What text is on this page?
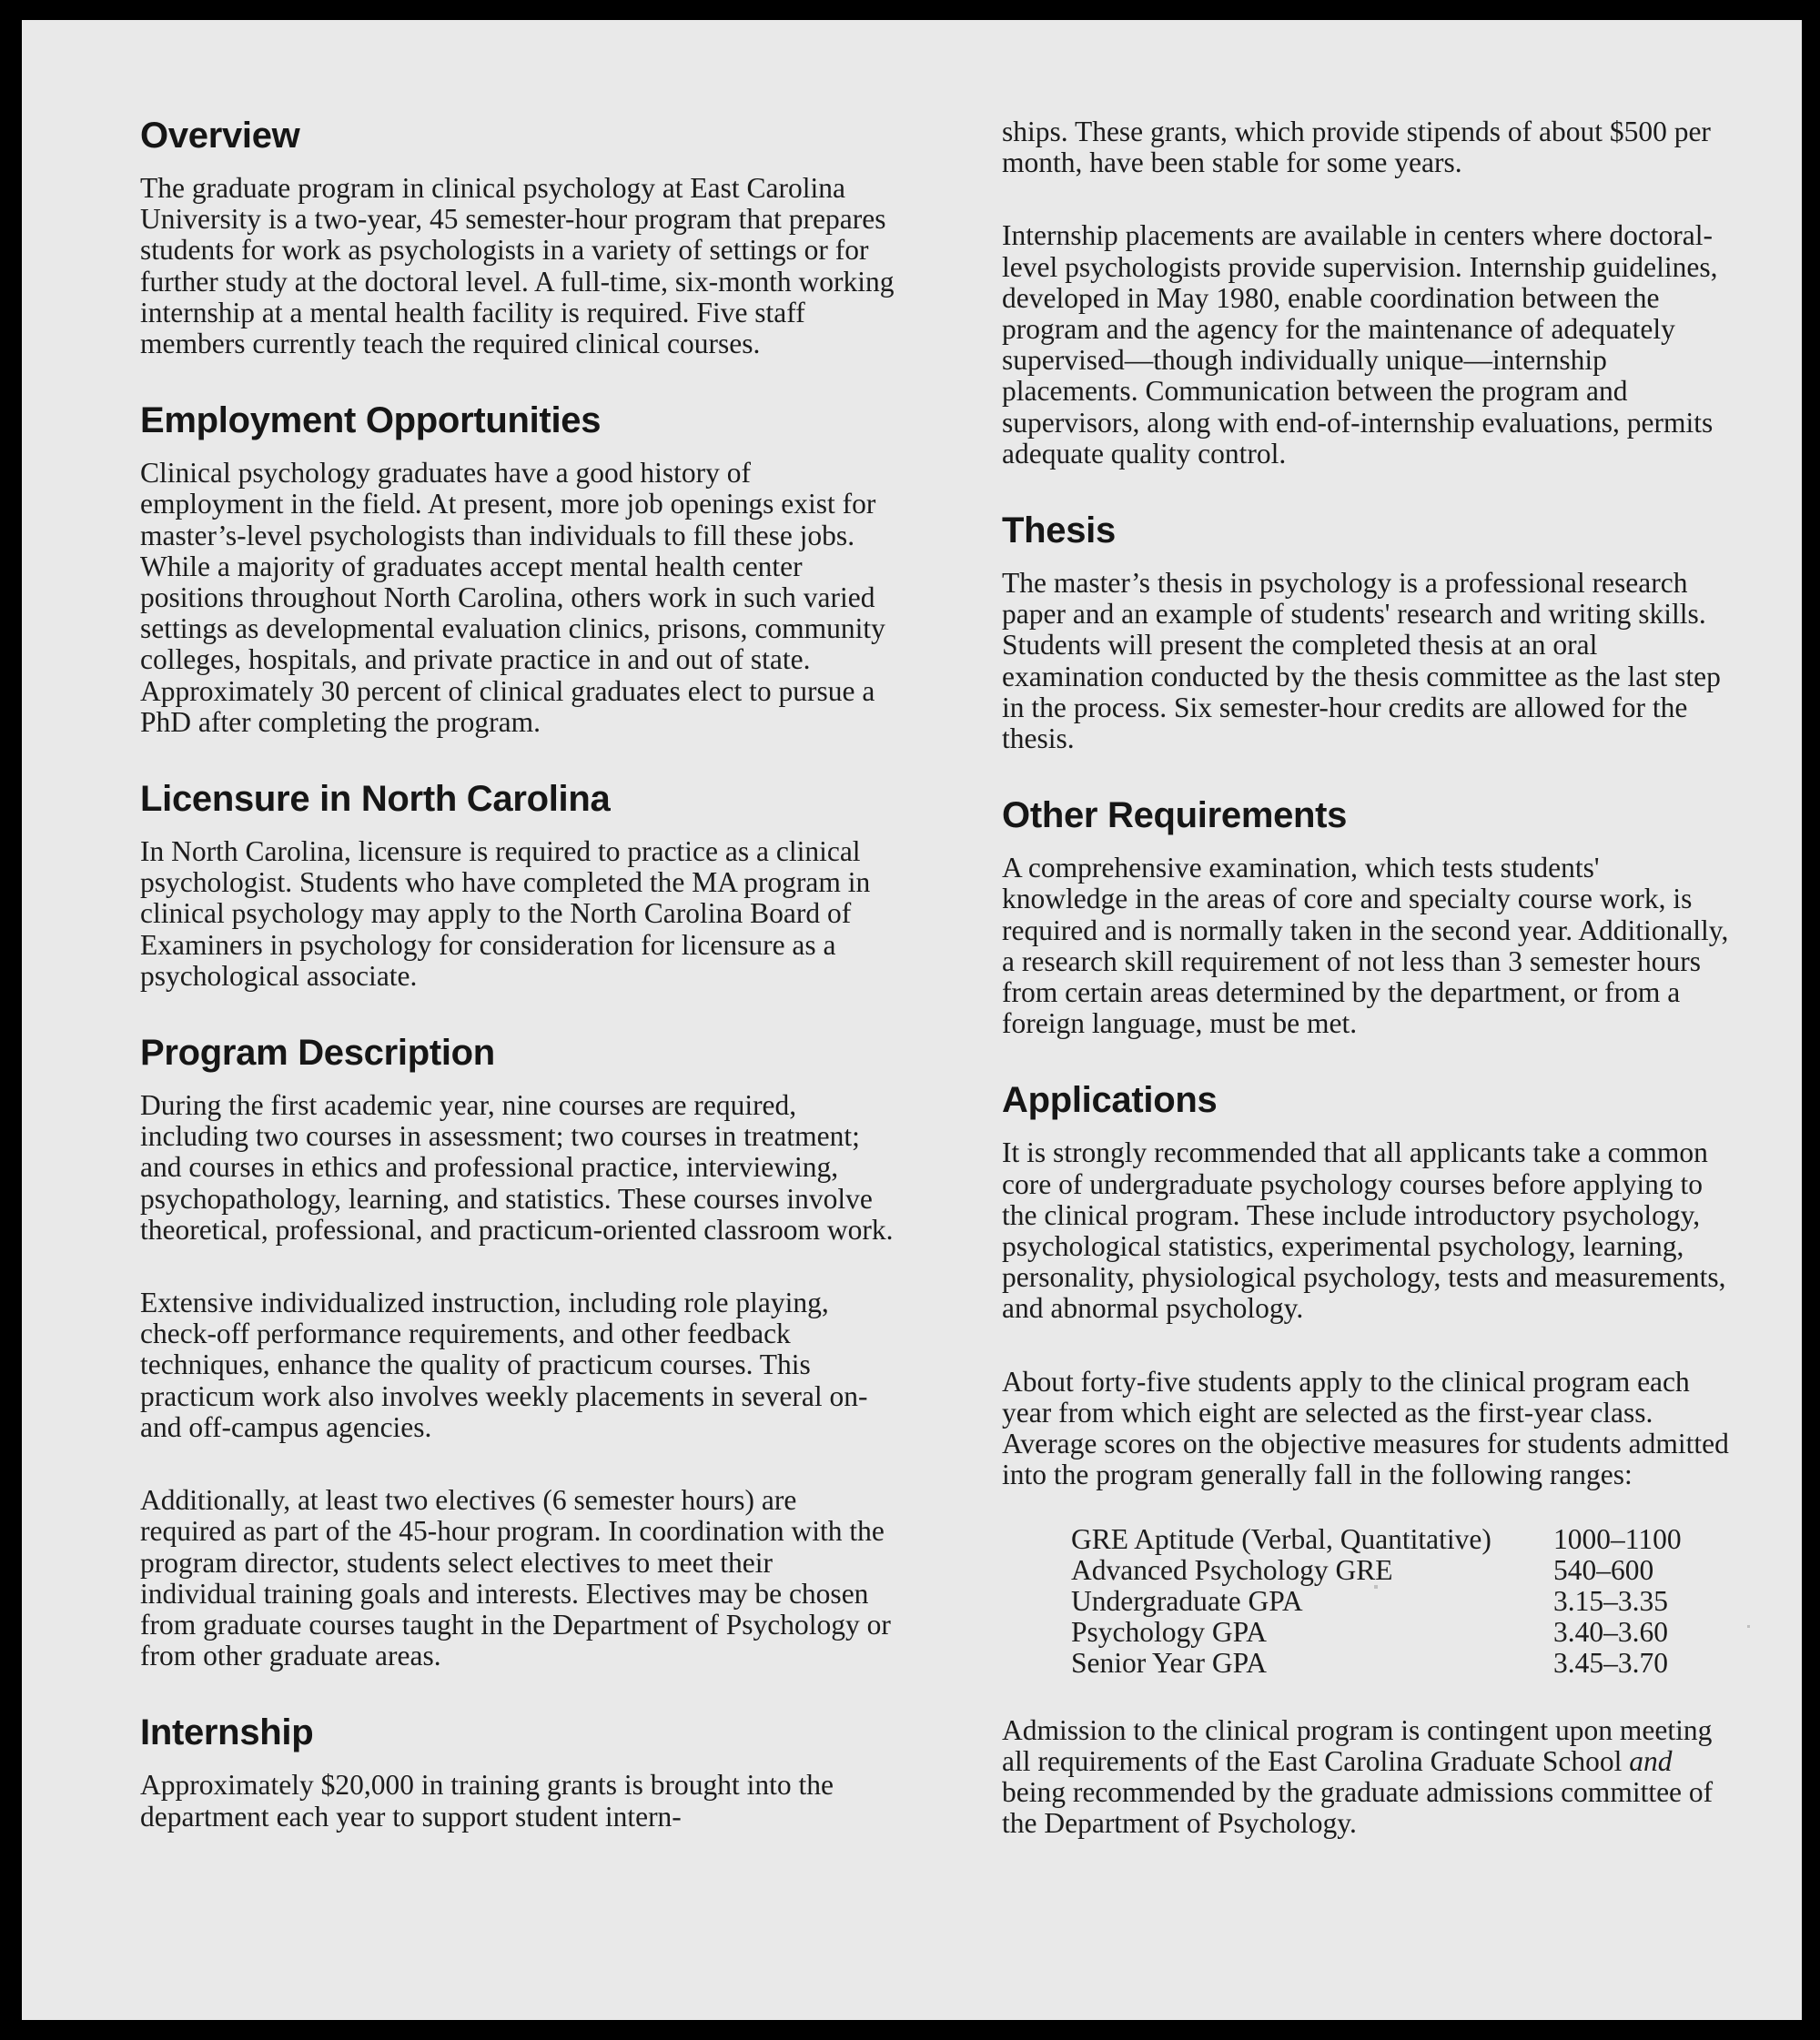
Overview

The graduate program in clinical psychology at East Carolina University is a two-year, 45 semester-hour program that prepares students for work as psychologists in a variety of settings or for further study at the doctoral level. A full-time, six-month working internship at a mental health facility is required. Five staff members currently teach the required clinical courses.

Employment Opportunities

Clinical psychology graduates have a good history of employment in the field. At present, more job openings exist for master’s-level psychologists than individuals to fill these jobs. While a majority of graduates accept mental health center positions throughout North Carolina, others work in such varied settings as developmental evaluation clinics, prisons, community colleges, hospitals, and private practice in and out of state. Approximately 30 percent of clinical graduates elect to pursue a PhD after completing the program.

Licensure in North Carolina

In North Carolina, licensure is required to practice as a clinical psychologist. Students who have completed the MA program in clinical psychology may apply to the North Carolina Board of Examiners in psychology for consideration for licensure as a psychological associate.

Program Description

During the first academic year, nine courses are required, including two courses in assessment; two courses in treatment; and courses in ethics and professional practice, interviewing, psychopathology, learning, and statistics. These courses involve theoretical, professional, and practicum-oriented classroom work.

Extensive individualized instruction, including role playing, check-off performance requirements, and other feedback techniques, enhance the quality of practicum courses. This practicum work also involves weekly placements in several on- and off-campus agencies.

Additionally, at least two electives (6 semester hours) are required as part of the 45-hour program. In coordination with the program director, students select electives to meet their individual training goals and interests. Electives may be chosen from graduate courses taught in the Department of Psychology or from other graduate areas.

Internship

Approximately $20,000 in training grants is brought into the department each year to support student intern-

ships. These grants, which provide stipends of about $500 per month, have been stable for some years.

Internship placements are available in centers where doctoral-level psychologists provide supervision. Internship guidelines, developed in May 1980, enable coordination between the program and the agency for the maintenance of adequately supervised—though individually unique—internship placements. Communication between the program and supervisors, along with end-of-internship evaluations, permits adequate quality control.

Thesis

The master’s thesis in psychology is a professional research paper and an example of students' research and writing skills. Students will present the completed thesis at an oral examination conducted by the thesis committee as the last step in the process. Six semester-hour credits are allowed for the thesis.

Other Requirements

A comprehensive examination, which tests students' knowledge in the areas of core and specialty course work, is required and is normally taken in the second year. Additionally, a research skill requirement of not less than 3 semester hours from certain areas determined by the department, or from a foreign language, must be met.

Applications

It is strongly recommended that all applicants take a common core of undergraduate psychology courses before applying to the clinical program. These include introductory psychology, psychological statistics, experimental psychology, learning, personality, physiological psychology, tests and measurements, and abnormal psychology.

About forty-five students apply to the clinical program each year from which eight are selected as the first-year class. Average scores on the objective measures for students admitted into the program generally fall in the following ranges:

GRE Aptitude (Verbal, Quantitative)	1000–1100
Advanced Psychology GRE	540–600
Undergraduate GPA	3.15–3.35
Psychology GPA	3.40–3.60
Senior Year GPA	3.45–3.70

Admission to the clinical program is contingent upon meeting all requirements of the East Carolina Graduate School and being recommended by the graduate admissions committee of the Department of Psychology.
